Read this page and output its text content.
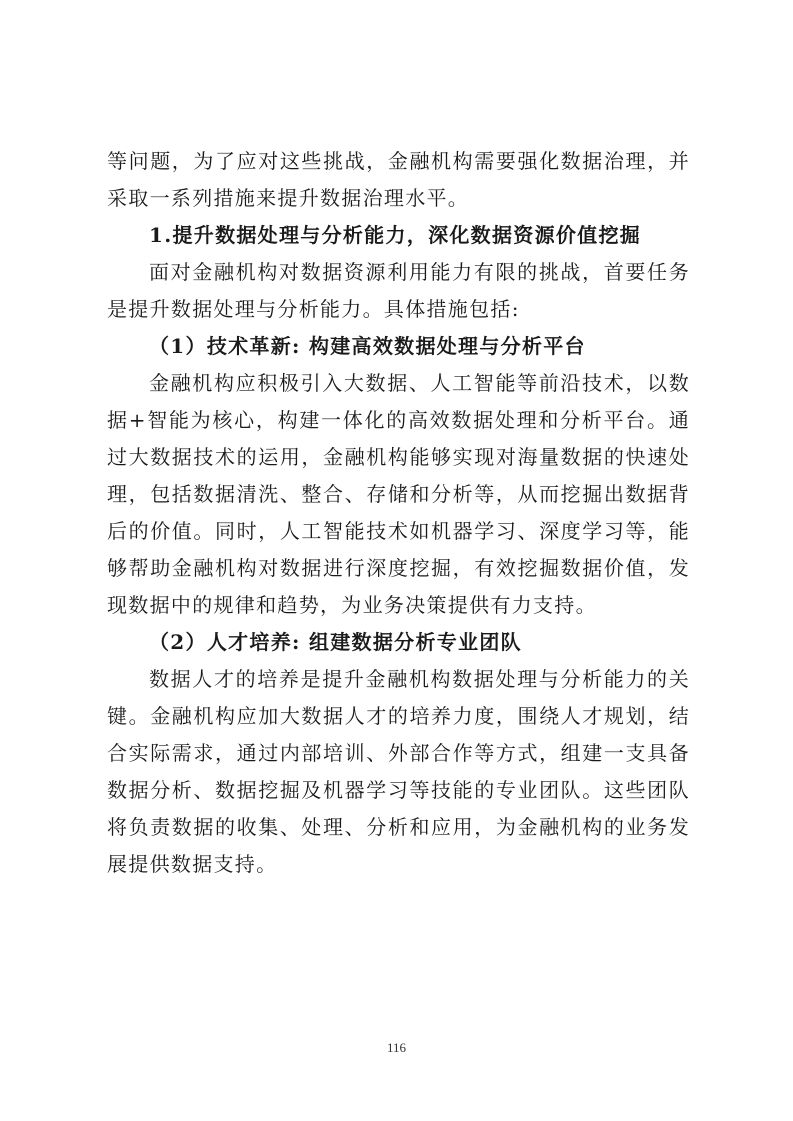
等问题，为了应对这些挑战，金融机构需要强化数据治理，并采取一系列措施来提升数据治理水平。

1.提升数据处理与分析能力，深化数据资源价值挖掘

面对金融机构对数据资源利用能力有限的挑战，首要任务是提升数据处理与分析能力。具体措施包括:

（1）技术革新: 构建高效数据处理与分析平台

金融机构应积极引入大数据、人工智能等前沿技术，以数据+智能为核心，构建一体化的高效数据处理和分析平台。通过大数据技术的运用，金融机构能够实现对海量数据的快速处理，包括数据清洗、整合、存储和分析等，从而挖掘出数据背后的价值。同时，人工智能技术如机器学习、深度学习等，能够帮助金融机构对数据进行深度挖掘，有效挖掘数据价值，发现数据中的规律和趋势，为业务决策提供有力支持。

（2）人才培养: 组建数据分析专业团队

数据人才的培养是提升金融机构数据处理与分析能力的关键。金融机构应加大数据人才的培养力度，围绕人才规划，结合实际需求，通过内部培训、外部合作等方式，组建一支具备数据分析、数据挖掘及机器学习等技能的专业团队。这些团队将负责数据的收集、处理、分析和应用，为金融机构的业务发展提供数据支持。

116
